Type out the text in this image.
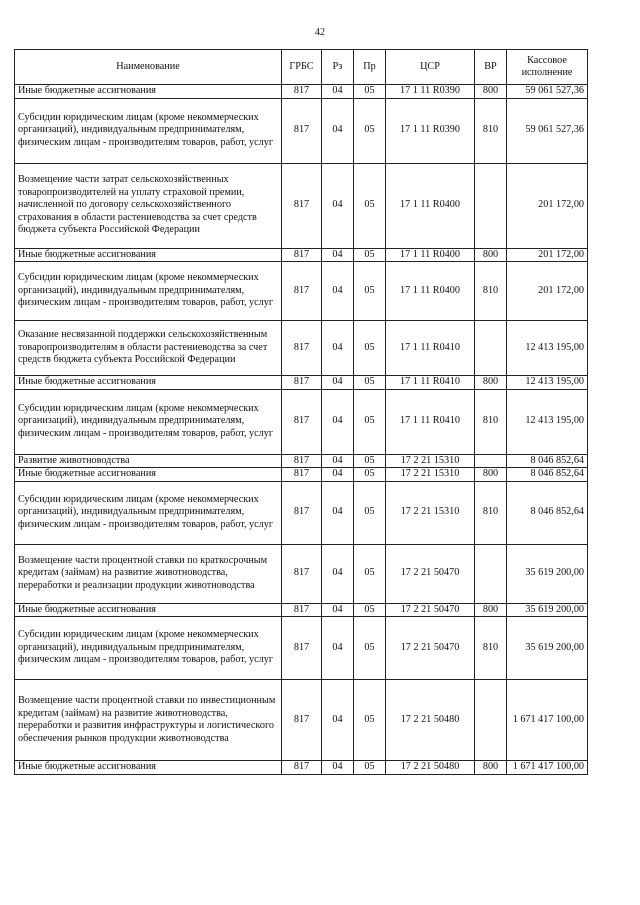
42
Наименование	ГРБС	Рз	Пр	ЦСР	ВР	Кассовое исполнение
Иные бюджетные ассигнования	817	04	05	17 1 11 R0390	800	59 061 527,36
Субсидии юридическим лицам (кроме некоммерческих организаций), индивидуальным предпринимателям, физическим лицам - производителям товаров, работ, услуг	817	04	05	17 1 11 R0390	810	59 061 527,36
Возмещение части затрат сельскохозяйственных товаропроизводителей на уплату страховой премии, начисленной по договору сельскохозяйственного страхования в области растениеводства за счет средств бюджета субъекта Российской Федерации	817	04	05	17 1 11 R0400		201 172,00
Иные бюджетные ассигнования	817	04	05	17 1 11 R0400	800	201 172,00
Субсидии юридическим лицам (кроме некоммерческих организаций), индивидуальным предпринимателям, физическим лицам - производителям товаров, работ, услуг	817	04	05	17 1 11 R0400	810	201 172,00
Оказание несвязанной поддержки сельскохозяйственным товаропроизводителям в области растениеводства за счет средств бюджета субъекта Российской Федерации	817	04	05	17 1 11 R0410		12 413 195,00
Иные бюджетные ассигнования	817	04	05	17 1 11 R0410	800	12 413 195,00
Субсидии юридическим лицам (кроме некоммерческих организаций), индивидуальным предпринимателям, физическим лицам - производителям товаров, работ, услуг	817	04	05	17 1 11 R0410	810	12 413 195,00
Развитие животноводства	817	04	05	17 2 21 15310		8 046 852,64
Иные бюджетные ассигнования	817	04	05	17 2 21 15310	800	8 046 852,64
Субсидии юридическим лицам (кроме некоммерческих организаций), индивидуальным предпринимателям, физическим лицам - производителям товаров, работ, услуг	817	04	05	17 2 21 15310	810	8 046 852,64
Возмещение части процентной ставки по краткосрочным кредитам (займам) на развитие животноводства, переработки и реализации продукции животноводства	817	04	05	17 2 21 50470		35 619 200,00
Иные бюджетные ассигнования	817	04	05	17 2 21 50470	800	35 619 200,00
Субсидии юридическим лицам (кроме некоммерческих организаций), индивидуальным предпринимателям, физическим лицам - производителям товаров, работ, услуг	817	04	05	17 2 21 50470	810	35 619 200,00
Возмещение части процентной ставки по инвестиционным кредитам (займам) на развитие животноводства, переработки и развития инфраструктуры и логистического обеспечения рынков продукции животноводства	817	04	05	17 2 21 50480		1 671 417 100,00
Иные бюджетные ассигнования	817	04	05	17 2 21 50480	800	1 671 417 100,00
